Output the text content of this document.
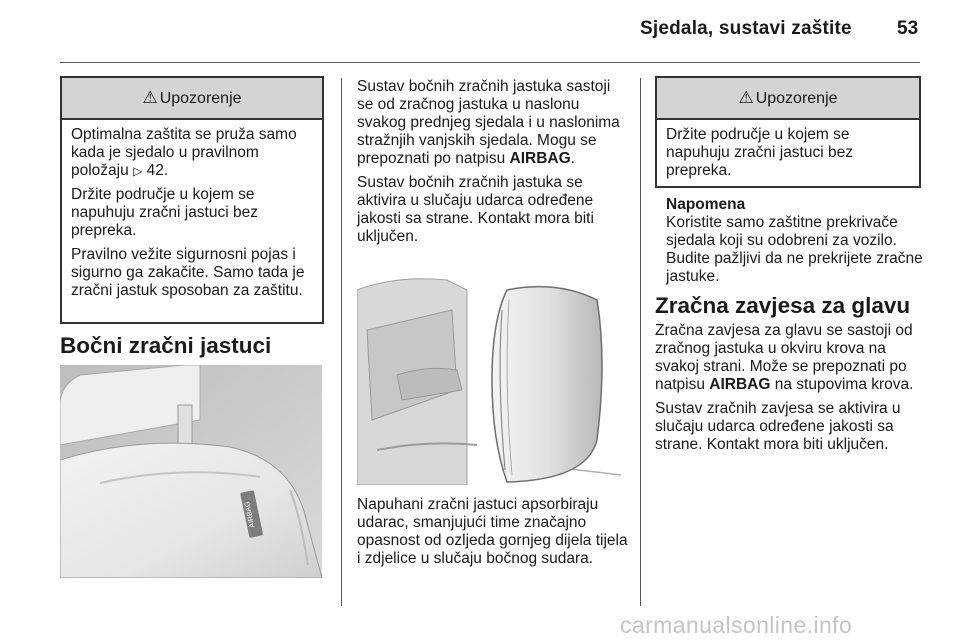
Sjedala, sustavi zaštite 53
⚠ Upozorenje

Optimalna zaštita se pruža samo kada je sjedalo u pravilnom položaju ▷ 42.

Držite područje u kojem se napuhuju zračni jastuci bez prepreka.

Pravilno vežite sigurnosni pojas i sigurno ga zakačite. Samo tada je zračni jastuk sposoban za zaštitu.

Bočni zračni jastuci
AIRBAG

Sustav bočnih zračnih jastuka sastoji se od zračnog jastuka u naslonu svakog prednjeg sjedala i u naslonima stražnjih vanjskih sjedala. Mogu se prepoznati po natpisu AIRBAG.

Sustav bočnih zračnih jastuka se aktivira u slučaju udarca određene jakosti sa strane. Kontakt mora biti uključen.

Napuhani zračni jastuci apsorbiraju udarac, smanjujući time značajno opasnost od ozljeda gornjeg dijela tijela i zdjelice u slučaju bočnog sudara.

⚠ Upozorenje

Držite područje u kojem se napuhuju zračni jastuci bez prepreka.

Napomena
Koristite samo zaštitne prekrivače sjedala koji su odobreni za vozilo. Budite pažljivi da ne prekrijete zračne jastuke.
Zračna zavjesa za glavu

Zračna zavjesa za glavu se sastoji od zračnog jastuka u okviru krova na svakoj strani. Može se prepoznati po natpisu AIRBAG na stupovima krova.

Sustav zračnih zavjesa se aktivira u slučaju udarca određene jakosti sa strane. Kontakt mora biti uključen.

carmanualsonline.info
